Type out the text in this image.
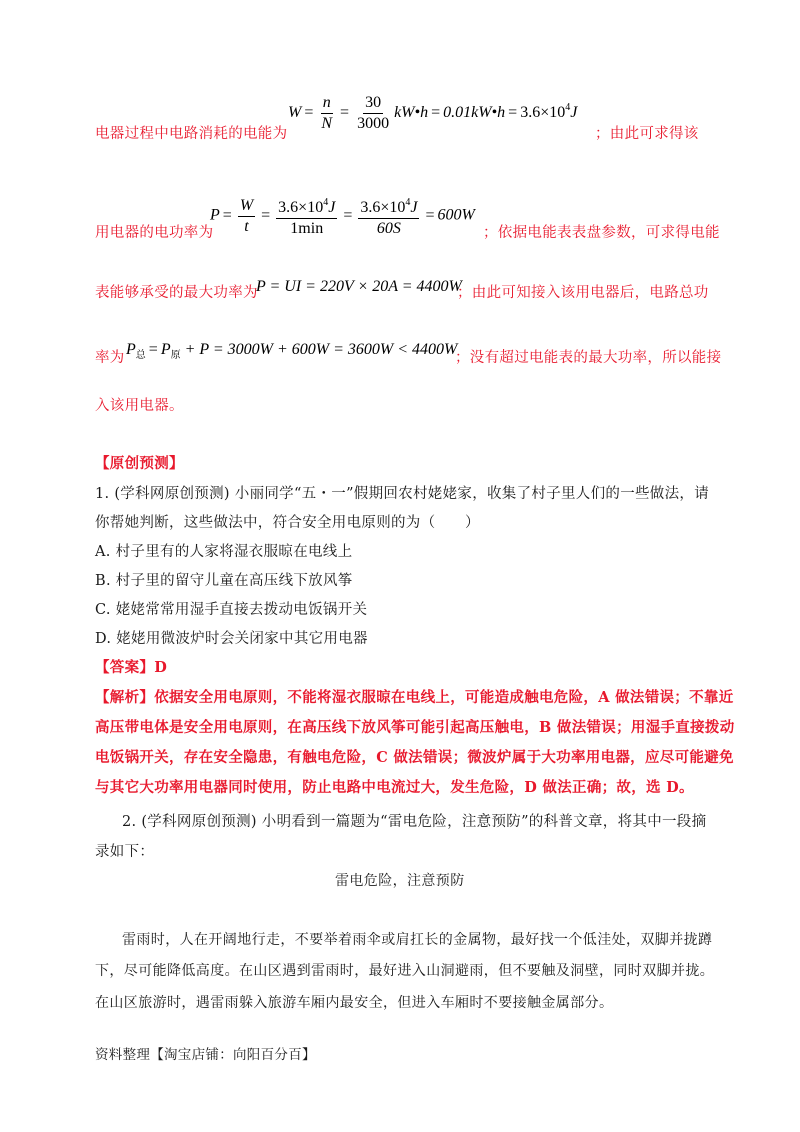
$W = \frac{n}{N} = \frac{30}{3000}$ kW•h = 0.01kW•h = $3.6\times 10^4J$
电器过程中电路消耗的电能为	；由此可求得该
$P = \frac{W}{t} = \frac{3.6\times 10^4J}{1\min} = \frac{3.6\times 10^4J}{60S} = 600W$
用电器的电功率为	；依据电能表表盘参数，可求得电能
表能够承受的最大功率为
P = UI = 220V × 20A = 4400W
；由此可知接入该用电器后，电路总功
率为 $P_总 = P_原 + P = 3000W + 600W = 3600W < 4400W$
；没有超过电能表的最大功率，所以能接
入该用电器。
【原创预测】
1. (学科网原创预测) 小丽同学“五・一”假期回农村姥姥家，收集了村子里人们的一些做法，请
你帮她判断，这些做法中，符合安全用电原则的为（　　）
A. 村子里有的人家将湿衣服晾在电线上
B. 村子里的留守儿童在高压线下放风筝
C. 姥姥常常用湿手直接去拨动电饭锅开关
D. 姥姥用微波炉时会关闭家中其它用电器
【答案】D
【解析】依据安全用电原则，不能将湿衣服晾在电线上，可能造成触电危险，A 做法错误；不靠近
高压带电体是安全用电原则，在高压线下放风筝可能引起高压触电，B 做法错误；用湿手直接拨动
电饭锅开关，存在安全隐患，有触电危险，C 做法错误；微波炉属于大功率用电器，应尽可能避免
与其它大功率用电器同时使用，防止电路中电流过大，发生危险，D 做法正确；故，选 D。
2. (学科网原创预测) 小明看到一篇题为“雷电危险，注意预防”的科普文章，将其中一段摘
录如下：
雷电危险，注意预防
雷雨时，人在开阔地行走，不要举着雨伞或肩扛长的金属物，最好找一个低洼处，双脚并拢蹲
下，尽可能降低高度。在山区遇到雷雨时，最好进入山洞避雨，但不要触及洞壁，同时双脚并拢。
在山区旅游时，遇雷雨躲入旅游车厢内最安全，但进入车厢时不要接触金属部分。
资料整理【淘宝店铺：向阳百分百】
